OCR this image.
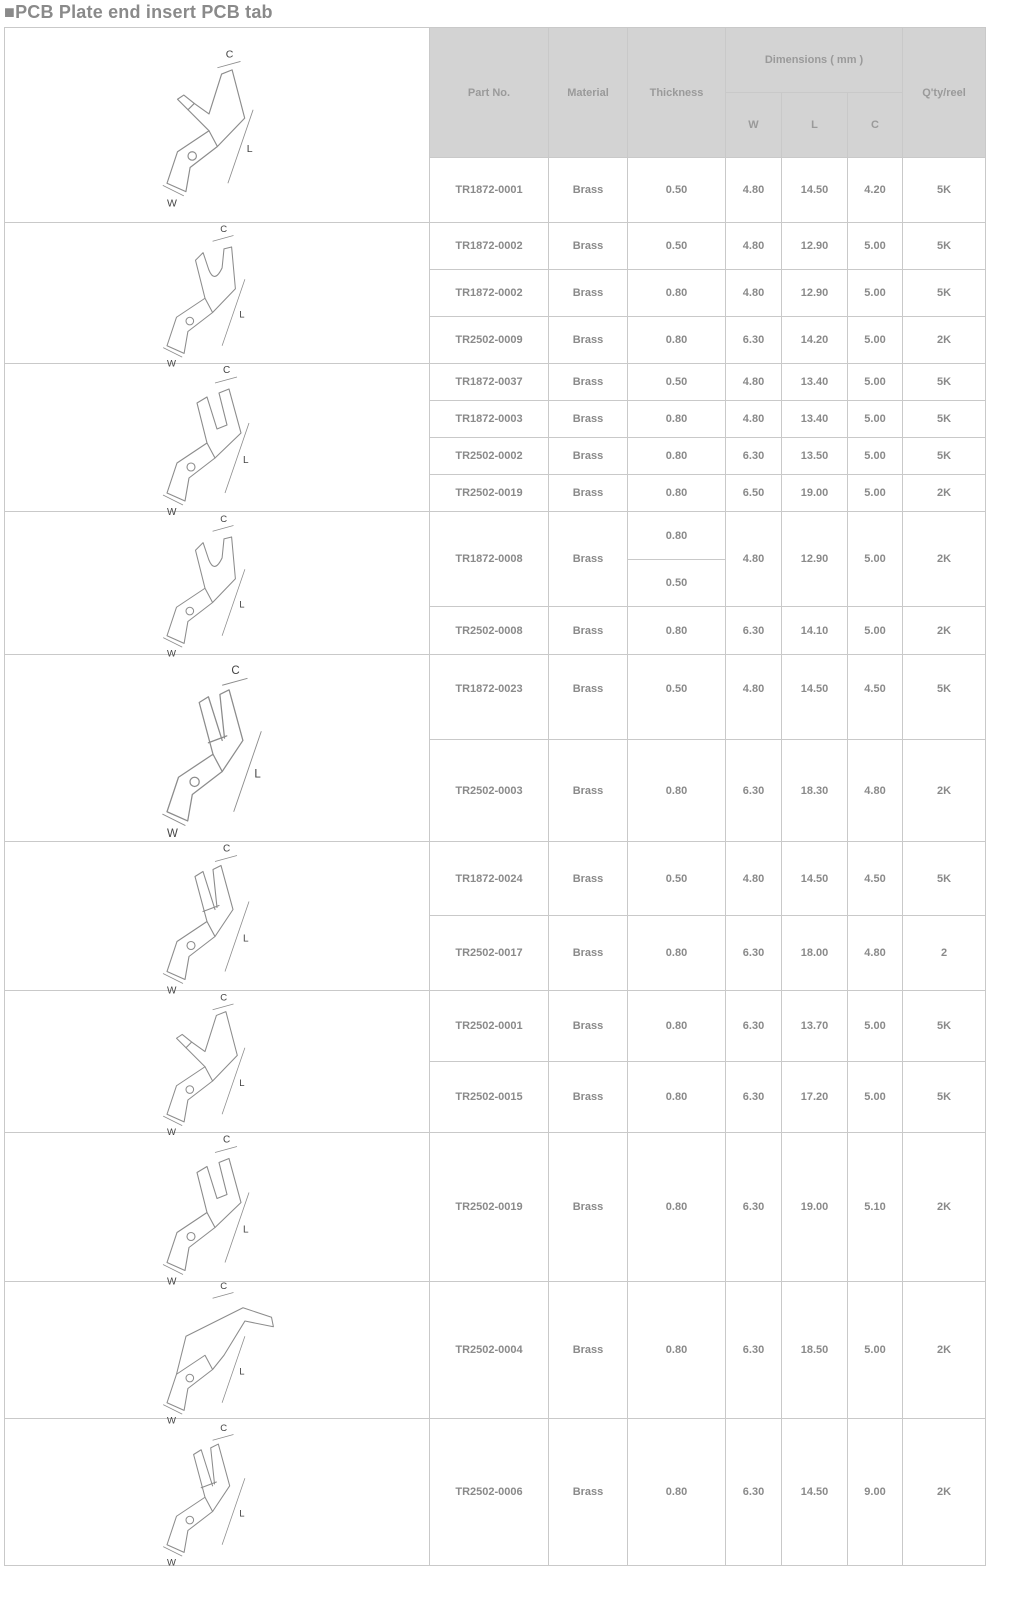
■PCB Plate end insert PCB tab
W
L
C	Part No.	Material	Thickness	Dimensions ( mm )			Q'ty/reel
				W	L	C	
	TR1872-0001	Brass	0.50	4.80	14.50	4.20	5K

W
L
C	TR1872-0002	Brass	0.50	4.80	12.90	5.00	5K
	TR1872-0002	Brass	0.80	4.80	12.90	5.00	5K
	TR2502-0009	Brass	0.80	6.30	14.20	5.00	2K

W
L
C	TR1872-0037	Brass	0.50	4.80	13.40	5.00	5K
	TR1872-0003	Brass	0.80	4.80	13.40	5.00	5K
	TR2502-0002	Brass	0.80	6.30	13.50	5.00	5K
	TR2502-0019	Brass	0.80	6.50	19.00	5.00	2K

W
L
C	TR1872-0008	Brass	0.80	4.80	12.90	5.00	2K
			0.50				
	TR2502-0008	Brass	0.80	6.30	14.10	5.00	2K

W
L
C	TR1872-0023	Brass	0.50	4.80	14.50	4.50	5K
	TR2502-0003	Brass	0.80	6.30	18.30	4.80	2K

W
L
C	TR1872-0024	Brass	0.50	4.80	14.50	4.50	5K
	TR2502-0017	Brass	0.80	6.30	18.00	4.80	2

W
L
C	TR2502-0001	Brass	0.80	6.30	13.70	5.00	5K
	TR2502-0015	Brass	0.80	6.30	17.20	5.00	5K

W
L
C	TR2502-0019	Brass	0.80	6.30	19.00	5.10	2K

W
L
C	TR2502-0004	Brass	0.80	6.30	18.50	5.00	2K

W
L
C	TR2502-0006	Brass	0.80	6.30	14.50	9.00	2K
